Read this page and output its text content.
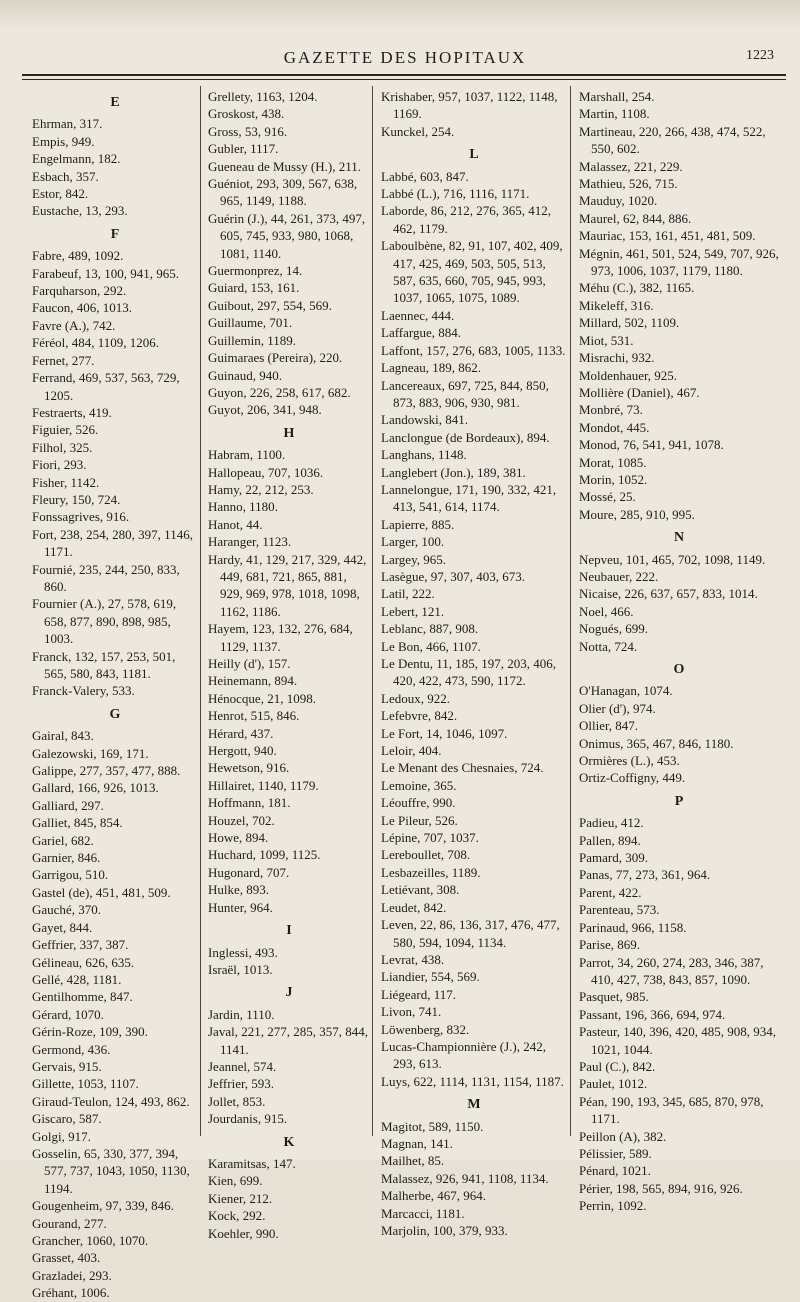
GAZETTE DES HOPITAUX	1223
E
Ehrman, 317.
Empis, 949.
Engelmann, 182.
Esbach, 357.
Estor, 842.
Eustache, 13, 293.
F
Fabre, 489, 1092.
Farabeuf, 13, 100, 941, 965.
Farquharson, 292.
Faucon, 406, 1013.
Favre (A.), 742.
Féréol, 484, 1109, 1206.
Fernet, 277.
Ferrand, 469, 537, 563, 729, 1205.
Festraerts, 419.
Figuier, 526.
Filhol, 325.
Fiori, 293.
Fisher, 1142.
Fleury, 150, 724.
Fonssagrives, 916.
Fort, 238, 254, 280, 397, 1146, 1171.
Fournié, 235, 244, 250, 833, 860.
Fournier (A.), 27, 578, 619, 658, 877, 890, 898, 985, 1003.
Franck, 132, 157, 253, 501, 565, 580, 843, 1181.
Franck-Valery, 533.
G
Gairal, 843.
Galezowski, 169, 171.
Galippe, 277, 357, 477, 888.
Gallard, 166, 926, 1013.
Galliard, 297.
Galliet, 845, 854.
Gariel, 682.
Garnier, 846.
Garrigou, 510.
Gastel (de), 451, 481, 509.
Gauché, 370.
Gayet, 844.
Geffrier, 337, 387.
Gélineau, 626, 635.
Gellé, 428, 1181.
Gentilhomme, 847.
Gérard, 1070.
Gérin-Roze, 109, 390.
Germond, 436.
Gervais, 915.
Gillette, 1053, 1107.
Giraud-Teulon, 124, 493, 862.
Giscaro, 587.
Golgi, 917.
Gosselin, 65, 330, 377, 394, 577, 737, 1043, 1050, 1130, 1194.
Gougenheim, 97, 339, 846.
Gourand, 277.
Grancher, 1060, 1070.
Grasset, 403.
Grazladei, 293.
Gréhant, 1006.
Grellety, 1163, 1204.
Groskost, 438.
Gross, 53, 916.
Gubler, 1117.
Gueneau de Mussy (H.), 211.
Guéniot, 293, 309, 567, 638, 965, 1149, 1188.
Guérin (J.), 44, 261, 373, 497, 605, 745, 933, 980, 1068, 1081, 1140.
Guermonprez, 14.
Guiard, 153, 161.
Guibout, 297, 554, 569.
Guillaume, 701.
Guillemin, 1189.
Guimaraes (Pereira), 220.
Guinaud, 940.
Guyon, 226, 258, 617, 682.
Guyot, 206, 341, 948.
H
Habram, 1100.
Hallopeau, 707, 1036.
Hamy, 22, 212, 253.
Hanno, 1180.
Hanot, 44.
Haranger, 1123.
Hardy, 41, 129, 217, 329, 442, 449, 681, 721, 865, 881, 929, 969, 978, 1018, 1098, 1162, 1186.
Hayem, 123, 132, 276, 684, 1129, 1137.
Heilly (d'), 157.
Heinemann, 894.
Hénocque, 21, 1098.
Henrot, 515, 846.
Hérard, 437.
Hergott, 940.
Hewetson, 916.
Hillairet, 1140, 1179.
Hoffmann, 181.
Houzel, 702.
Howe, 894.
Huchard, 1099, 1125.
Hugonard, 707.
Hulke, 893.
Hunter, 964.
I
Inglessi, 493.
Israël, 1013.
J
Jardin, 1110.
Javal, 221, 277, 285, 357, 844, 1141.
Jeannel, 574.
Jeffrier, 593.
Jollet, 853.
Jourdanis, 915.
K
Karamitsas, 147.
Kien, 699.
Kiener, 212.
Kock, 292.
Koehler, 990.
Krishaber, 957, 1037, 1122, 1148, 1169.
Kunckel, 254.
L
Labbé, 603, 847.
Labbé (L.), 716, 1116, 1171.
Laborde, 86, 212, 276, 365, 412, 462, 1179.
Laboulbène, 82, 91, 107, 402, 409, 417, 425, 469, 503, 505, 513, 587, 635, 660, 705, 945, 993, 1037, 1065, 1075, 1089.
Laennec, 444.
Laffargue, 884.
Laffont, 157, 276, 683, 1005, 1133.
Lagneau, 189, 862.
Lancereaux, 697, 725, 844, 850, 873, 883, 906, 930, 981.
Landowski, 841.
Lanclongue (de Bordeaux), 894.
Langhans, 1148.
Langlebert (Jon.), 189, 381.
Lannelongue, 171, 190, 332, 421, 413, 541, 614, 1174.
Lapierre, 885.
Larger, 100.
Largey, 965.
Lasègue, 97, 307, 403, 673.
Latil, 222.
Lebert, 121.
Leblanc, 887, 908.
Le Bon, 466, 1107.
Le Dentu, 11, 185, 197, 203, 406, 420, 422, 473, 590, 1172.
Ledoux, 922.
Lefebvre, 842.
Le Fort, 14, 1046, 1097.
Leloir, 404.
Le Menant des Chesnaies, 724.
Lemoine, 365.
Léouffre, 990.
Le Pileur, 526.
Lépine, 707, 1037.
Lereboullet, 708.
Lesbazeilles, 1189.
Letiévant, 308.
Leudet, 842.
Leven, 22, 86, 136, 317, 476, 477, 580, 594, 1094, 1134.
Levrat, 438.
Liandier, 554, 569.
Liégeard, 117.
Livon, 741.
Löwenberg, 832.
Lucas-Championnière (J.), 242, 293, 613.
Luys, 622, 1114, 1131, 1154, 1187.
M
Magitot, 589, 1150.
Magnan, 141.
Mailhet, 85.
Malassez, 926, 941, 1108, 1134.
Malherbe, 467, 964.
Marcacci, 1181.
Marjolin, 100, 379, 933.
Marshall, 254.
Martin, 1108.
Martineau, 220, 266, 438, 474, 522, 550, 602.
Malassez, 221, 229.
Mathieu, 526, 715.
Mauduy, 1020.
Maurel, 62, 844, 886.
Mauriac, 153, 161, 451, 481, 509.
Mégnin, 461, 501, 524, 549, 707, 926, 973, 1006, 1037, 1179, 1180.
Méhu (C.), 382, 1165.
Mikeleff, 316.
Millard, 502, 1109.
Miot, 531.
Misrachi, 932.
Moldenhauer, 925.
Mollière (Daniel), 467.
Monbré, 73.
Mondot, 445.
Monod, 76, 541, 941, 1078.
Morat, 1085.
Morin, 1052.
Mossé, 25.
Moure, 285, 910, 995.
N
Nepveu, 101, 465, 702, 1098, 1149.
Neubauer, 222.
Nicaise, 226, 637, 657, 833, 1014.
Noel, 466.
Nogués, 699.
Notta, 724.
O
O'Hanagan, 1074.
Olier (d'), 974.
Ollier, 847.
Onimus, 365, 467, 846, 1180.
Ormières (L.), 453.
Ortiz-Coffigny, 449.
P
Padieu, 412.
Pallen, 894.
Pamard, 309.
Panas, 77, 273, 361, 964.
Parent, 422.
Parenteau, 573.
Parinaud, 966, 1158.
Parise, 869.
Parrot, 34, 260, 274, 283, 346, 387, 410, 427, 738, 843, 857, 1090.
Pasquet, 985.
Passant, 196, 366, 694, 974.
Pasteur, 140, 396, 420, 485, 908, 934, 1021, 1044.
Paul (C.), 842.
Paulet, 1012.
Péan, 190, 193, 345, 685, 870, 978, 1171.
Peillon (A), 382.
Pélissier, 589.
Pénard, 1021.
Périer, 198, 565, 894, 916, 926.
Perrin, 1092.
